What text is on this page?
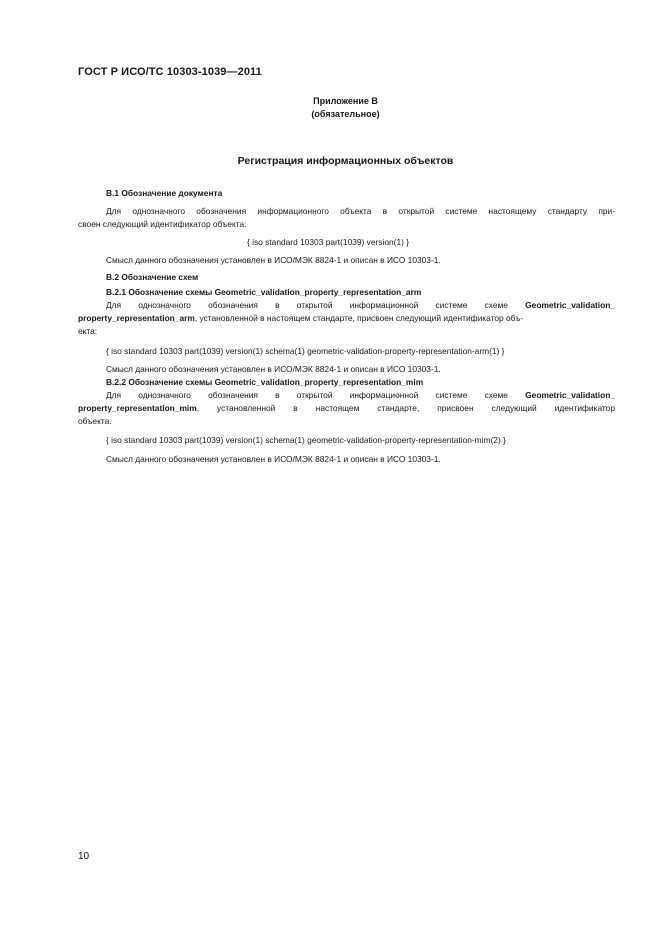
ГОСТ Р ИСО/ТС 10303-1039—2011
Приложение В
(обязательное)
Регистрация информационных объектов
В.1 Обозначение документа
Для однозначного обозначения информационного объекта в открытой системе настоящему стандарту при-
своен следующий идентификатор объекта:
{ iso standard 10303 part(1039) version(1) }
Смысл данного обозначения установлен в ИСО/МЭК 8824-1 и описан в ИСО 10303-1.
В.2 Обозначение схем
В.2.1 Обозначение схемы Geometric_validation_property_representation_arm
Для однозначного обозначения в открытой информационной системе схеме Geometric_validation_
property_representation_arm, установленной в настоящем стандарте, присвоен следующий идентификатор объ-
екта:
{ iso standard 10303 part(1039) version(1) schema(1) geometric-validation-property-representation-arm(1) }
Смысл данного обозначения установлен в ИСО/МЭК 8824-1 и описан в ИСО 10303-1.
В.2.2 Обозначение схемы Geometric_validation_property_representation_mim
Для однозначного обозначения в открытой информационной системе схеме Geometric_validation_
property_representation_mim, установленной в настоящем стандарте, присвоен следующий идентификатор
объекта.
{ iso standard 10303 part(1039) version(1) schema(1) geometric-validation-property-representation-mim(2) }
Смысл данного обозначения установлен в ИСО/МЭК 8824-1 и описан в ИСО 10303-1.
10
